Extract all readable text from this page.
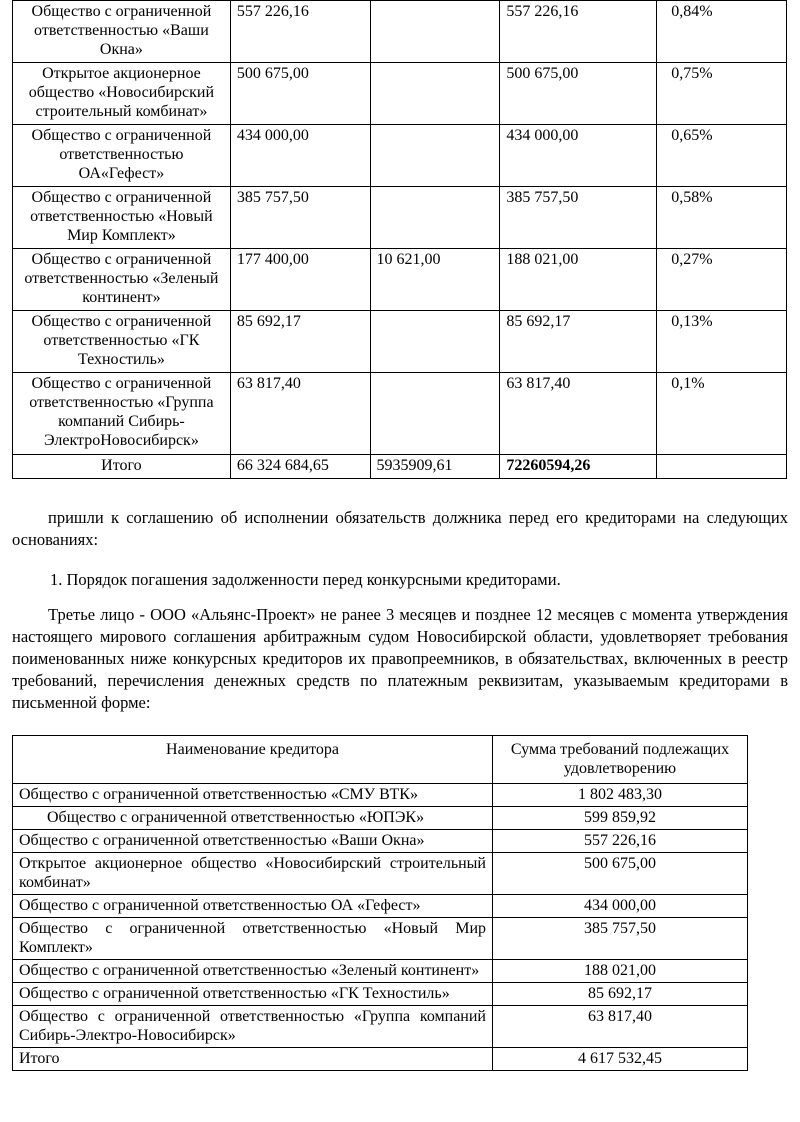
Общество с ограниченной ответственностью «Ваши Окна»	557 226,16		557 226,16	0,84%
Открытое акционерное общество «Новосибирский строительный комбинат»	500 675,00		500 675,00	0,75%
Общество с ограниченной ответственностью ОА«Гефест»	434 000,00		434 000,00	0,65%
Общество с ограниченной ответственностью «Новый Мир Комплект»	385 757,50		385 757,50	0,58%
Общество с ограниченной ответственностью «Зеленый континент»	177 400,00	10 621,00	188 021,00	0,27%
Общество с ограниченной ответственностью «ГК Техностиль»	85 692,17		85 692,17	0,13%
Общество с ограниченной ответственностью «Группа компаний Сибирь-ЭлектроНовосибирск»	63 817,40		63 817,40	0,1%
Итого	66 324 684,65	5935909,61	72260594,26	

пришли к соглашению об исполнении обязательств должника перед его кредиторами на следующих основаниях:

1. Порядок погашения задолженности перед конкурсными кредиторами.

Третье лицо - ООО «Альянс-Проект» не ранее 3 месяцев и позднее 12 месяцев с момента утверждения настоящего мирового соглашения арбитражным судом Новосибирской области, удовлетворяет требования поименованных ниже конкурсных кредиторов их правопреемников, в обязательствах, включенных в реестр требований, перечисления денежных средств по платежным реквизитам, указываемым кредиторами в письменной форме:

Наименование кредитора	Сумма требований подлежащих удовлетворению
Общество с ограниченной ответственностью «СМУ ВТК»	1 802 483,30
Общество с ограниченной ответственностью «ЮПЭК»	599 859,92
Общество с ограниченной ответственностью «Ваши Окна»	557 226,16
Открытое акционерное общество «Новосибирский строительный комбинат»	500 675,00
Общество с ограниченной ответственностью ОА «Гефест»	434 000,00
Общество с ограниченной ответственностью «Новый Мир Комплект»	385 757,50
Общество с ограниченной ответственностью «Зеленый континент»	188 021,00
Общество с ограниченной ответственностью «ГК Техностиль»	85 692,17
Общество с ограниченной ответственностью «Группа компаний Сибирь-Электро-Новосибирск»	63 817,40
Итого	4 617 532,45
